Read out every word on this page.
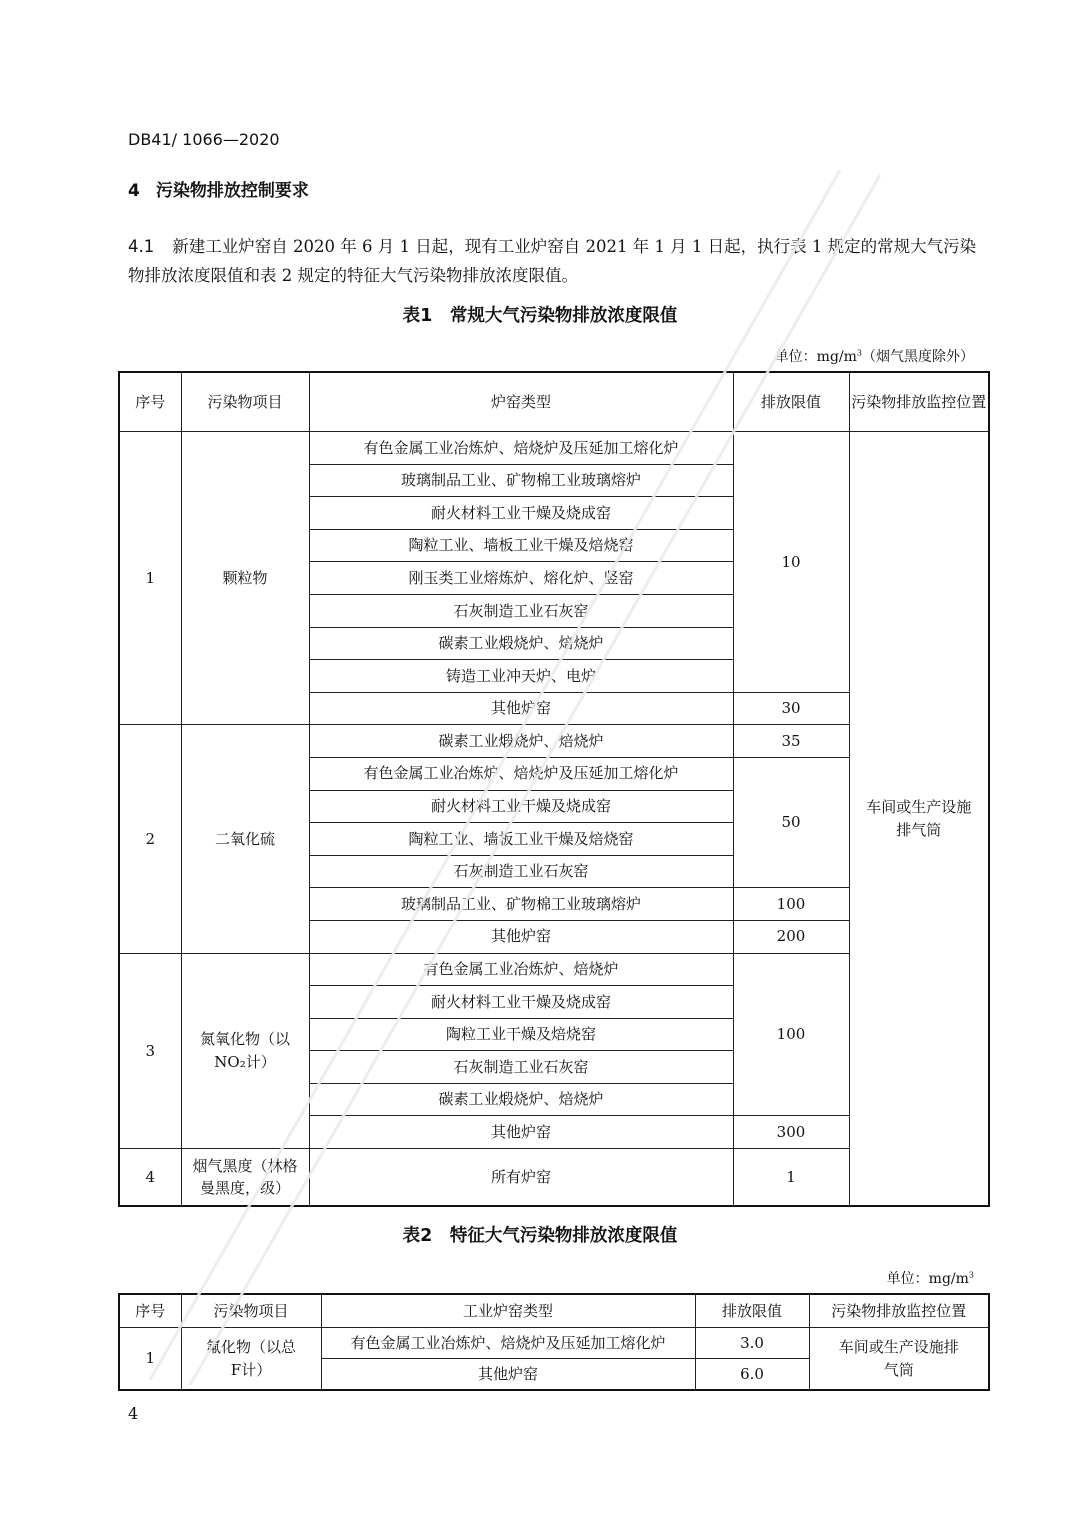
DB41/ 1066—2020
4 污染物排放控制要求
4.1 新建工业炉窑自 2020 年 6 月 1 日起，现有工业炉窑自 2021 年 1 月 1 日起，执行表 1 规定的常规大气污染物排放浓度限值和表 2 规定的特征大气污染物排放浓度限值。
表1　常规大气污染物排放浓度限值
单位：$mg/m^3$（烟气黑度除外）
序号	污染物项目	炉窑类型	排放限值	污染物排放监控位置
1	颗粒物	有色金属工业冶炼炉、焙烧炉及压延加工熔化炉	10	车间或生产设施排气筒
		玻璃制品工业、矿物棉工业玻璃熔炉		
		耐火材料工业干燥及烧成窑		
		陶粒工业、墙板工业干燥及焙烧窑		
		刚玉类工业熔炼炉、熔化炉、竖窑		
		石灰制造工业石灰窑		
		碳素工业煅烧炉、焙烧炉		
		铸造工业冲天炉、电炉		
		其他炉窑	30	
2	二氧化硫	碳素工业煅烧炉、焙烧炉	35	
		有色金属工业冶炼炉、焙烧炉及压延加工熔化炉	50	
		耐火材料工业干燥及烧成窑		
		陶粒工业、墙板工业干燥及焙烧窑		
		石灰制造工业石灰窑		
		玻璃制品工业、矿物棉工业玻璃熔炉	100	
		其他炉窑	200	
3	氮氧化物（以NO₂计）	有色金属工业冶炼炉、焙烧炉	100	
		耐火材料工业干燥及烧成窑		
		陶粒工业干燥及焙烧窑		
		石灰制造工业石灰窑		
		碳素工业煅烧炉、焙烧炉		
		其他炉窑	300	
4	烟气黑度（林格曼黑度，级）	所有炉窑	1	
表2　特征大气污染物排放浓度限值
单位：$mg/m^3$
序号	污染物项目	工业炉窑类型	排放限值	污染物排放监控位置
1	氟化物（以总F计）	有色金属工业冶炼炉、焙烧炉及压延加工熔化炉	3.0	车间或生产设施排气筒
		其他炉窑	6.0	
4
